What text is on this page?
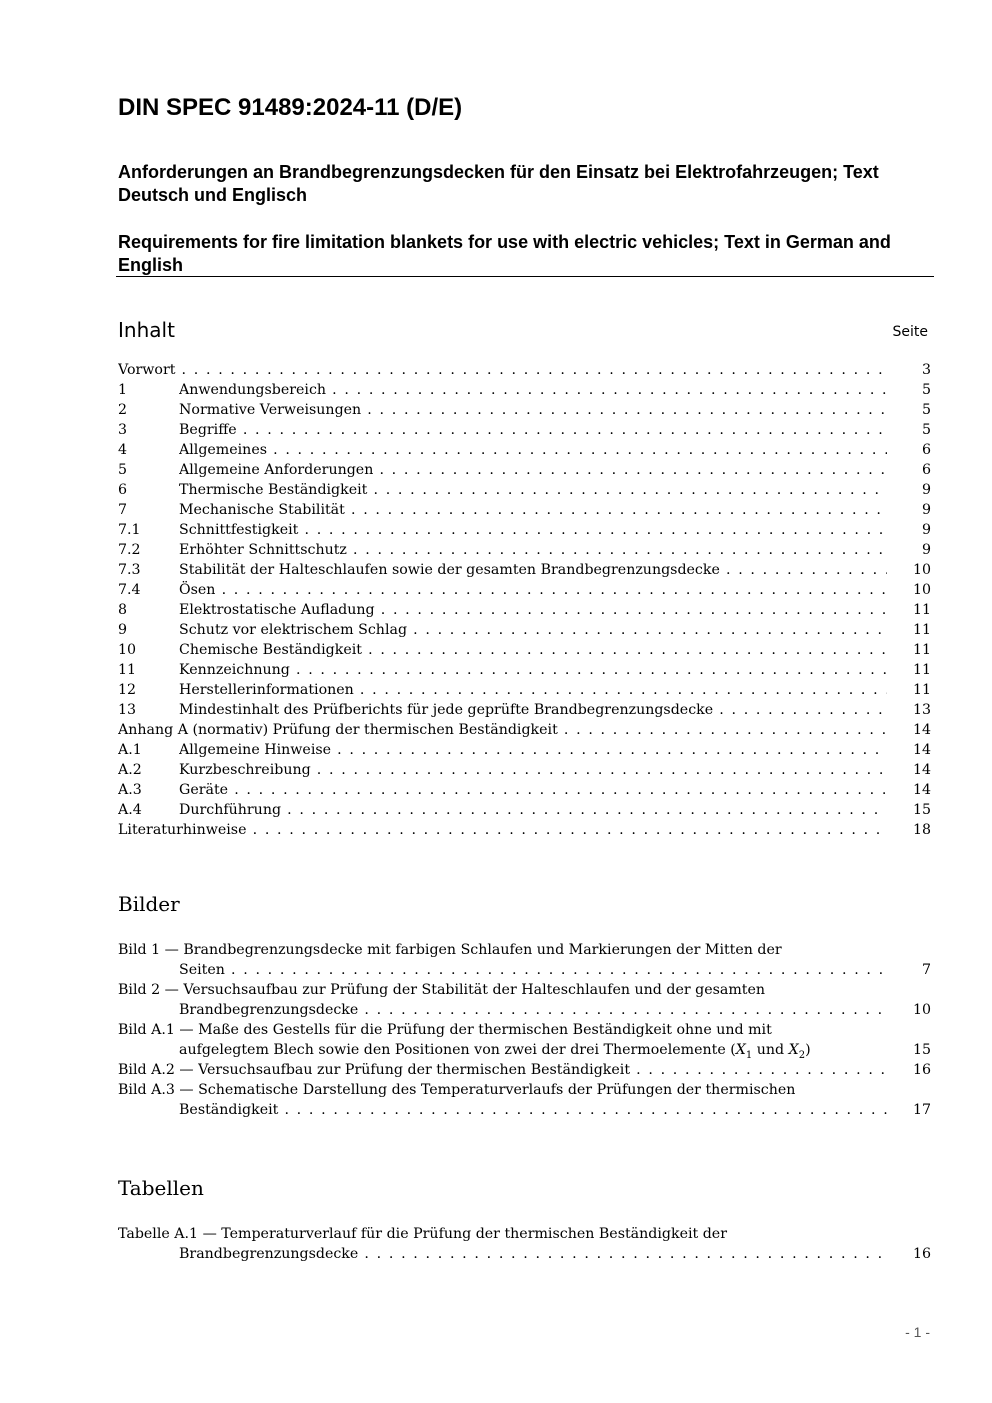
DIN SPEC 91489:2024-11 (D/E)

Anforderungen an Brandbegrenzungsdecken für den Einsatz bei Elektrofahrzeugen; Text Deutsch und Englisch

Requirements for fire limitation blankets for use with electric vehicles; Text in German and English

Inhalt	Seite
Vorwort . . .	3
1	Anwendungsbereich . . .	5
2	Normative Verweisungen . . .	5
3	Begriffe . . .	5
4	Allgemeines . . .	6
5	Allgemeine Anforderungen . . .	6
6	Thermische Beständigkeit . . .	9
7	Mechanische Stabilität . . .	9
7.1	Schnittfestigkeit . . .	9
7.2	Erhöhter Schnittschutz . . .	9
7.3	Stabilität der Halteschlaufen sowie der gesamten Brandbegrenzungsdecke . . .	10
7.4	Ösen . . .	10
8	Elektrostatische Aufladung . . .	11
9	Schutz vor elektrischem Schlag . . .	11
10	Chemische Beständigkeit . . .	11
11	Kennzeichnung . . .	11
12	Herstellerinformationen . . .	11
13	Mindestinhalt des Prüfberichts für jede geprüfte Brandbegrenzungsdecke . . .	13
Anhang A (normativ) Prüfung der thermischen Beständigkeit . . .	14
A.1	Allgemeine Hinweise . . .	14
A.2	Kurzbeschreibung . . .	14
A.3	Geräte . . .	14
A.4	Durchführung . . .	15
Literaturhinweise . . .	18
Bilder
Bild 1 — Brandbegrenzungsdecke mit farbigen Schlaufen und Markierungen der Mitten der
Seiten . . .	7
Bild 2 — Versuchsaufbau zur Prüfung der Stabilität der Halteschlaufen und der gesamten
Brandbegrenzungsdecke . . .	10
Bild A.1 — Maße des Gestells für die Prüfung der thermischen Beständigkeit ohne und mit
aufgelegtem Blech sowie den Positionen von zwei der drei Thermoelemente ($X_1$ und $X_2$)	15
Bild A.2 — Versuchsaufbau zur Prüfung der thermischen Beständigkeit . . .	16
Bild A.3 — Schematische Darstellung des Temperaturverlaufs der Prüfungen der thermischen
Beständigkeit . . .	17
Tabellen
Tabelle A.1 — Temperaturverlauf für die Prüfung der thermischen Beständigkeit der
Brandbegrenzungsdecke . . .	16
- 1 -
